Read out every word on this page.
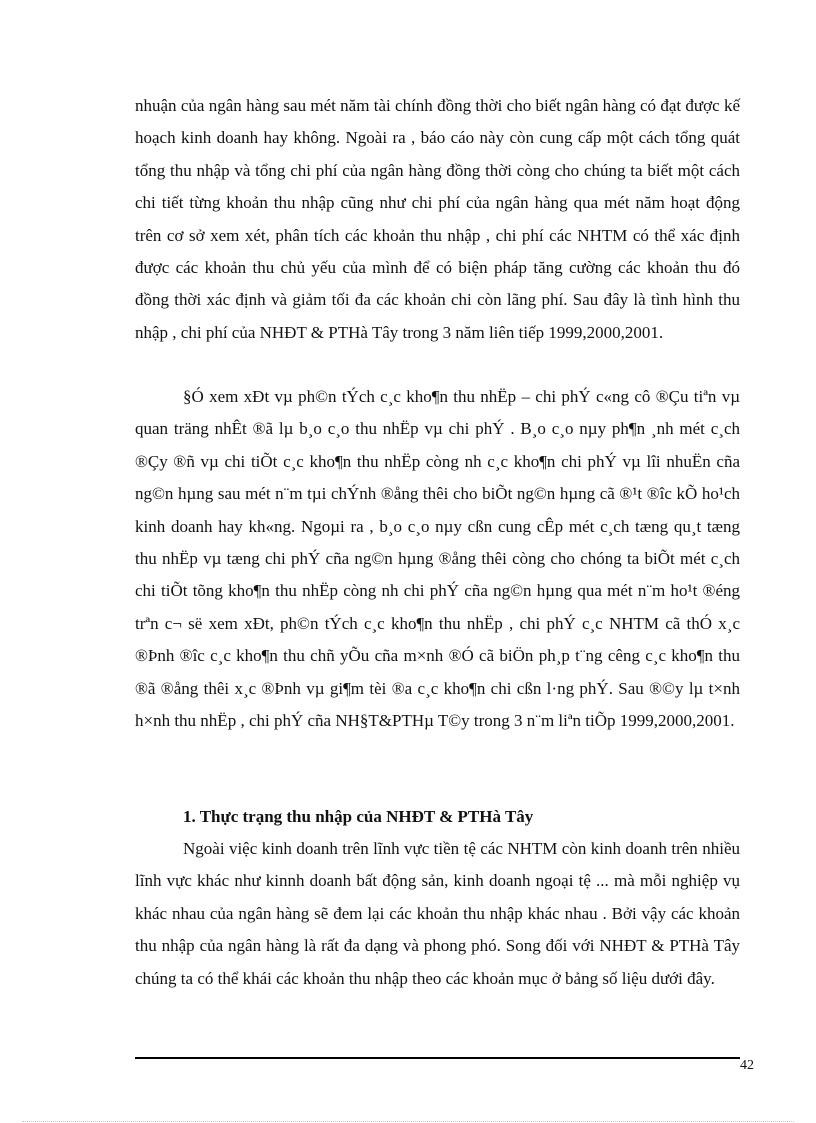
nhuận của ngân hàng sau mét năm tài chính đồng thời cho biết ngân hàng có đạt được kế hoạch kinh doanh hay không. Ngoài ra , báo cáo này còn cung cấp một cách tổng quát tổng thu nhập và tổng chi phí của ngân hàng đồng thời còng cho chúng ta biết một cách chi tiết từng khoản thu nhập cũng như chi phí của ngân hàng qua mét năm hoạt động trên cơ sở xem xét, phân tích các khoản thu nhập , chi phí các NHTM có thể xác định được các khoản thu chủ yếu của mình để có biện pháp tăng cường các khoản thu đó đồng thời xác định và giảm tối đa các khoản chi còn lãng phí. Sau đây là tình hình thu nhập , chi phí của NHĐT & PTHà Tây trong 3 năm liên tiếp 1999,2000,2001.

§Ó xem xÐt vµ ph©n tÝch c¸c kho¶n thu nhËp – chi phÝ c«ng cô ®Çu tiªn vµ quan träng nhÊt ®ã lµ b¸o c¸o thu nhËp vµ chi phÝ . B¸o c¸o nµy ph¶n ¸nh mét c¸ch ®Çy ®ñ vµ chi tiÕt c¸c kho¶n thu nhËp còng nh c¸c kho¶n chi phÝ vµ lîi nhuËn cña ng©n hµng sau mét n¨m tµi chÝnh ®ång thêi cho biÕt ng©n hµng cã ®¹t ®îc kÕ ho¹ch kinh doanh hay kh«ng. Ngoµi ra , b¸o c¸o nµy cßn cung cÊp mét c¸ch tæng qu¸t tæng thu nhËp vµ tæng chi phÝ cña ng©n hµng ®ång thêi còng cho chóng ta biÕt mét c¸ch chi tiÕt tõng kho¶n thu nhËp còng nh chi phÝ cña ng©n hµng qua mét n¨m ho¹t ®éng trªn c¬ së xem xÐt, ph©n tÝch c¸c kho¶n thu nhËp , chi phÝ c¸c NHTM cã thÓ x¸c ®Þnh ®îc c¸c kho¶n thu chñ yÕu cña m×nh ®Ó cã biÖn ph¸p t¨ng cêng c¸c kho¶n thu ®ã ®ång thêi x¸c ®Þnh vµ gi¶m tèi ®a c¸c kho¶n chi cßn l·ng phÝ. Sau ®©y lµ t×nh h×nh thu nhËp , chi phÝ cña NH§T&PTHµ T©y trong 3 n¨m liªn tiÕp 1999,2000,2001.

1. Thực trạng thu nhập của NHĐT & PTHà Tây

Ngoài việc kinh doanh trên lĩnh vực tiền tệ các NHTM còn kinh doanh trên nhiều lĩnh vực khác như kinnh doanh bất động sản, kinh doanh ngoại tệ ... mà mỗi nghiệp vụ khác nhau của ngân hàng sẽ đem lại các khoản thu nhập khác nhau . Bởi vậy các khoản thu nhập của ngân hàng là rất đa dạng và phong phó. Song đối với NHĐT & PTHà Tây chúng ta có thể khái các khoản thu nhập theo các khoản mục ở bảng số liệu dưới đây.

42
